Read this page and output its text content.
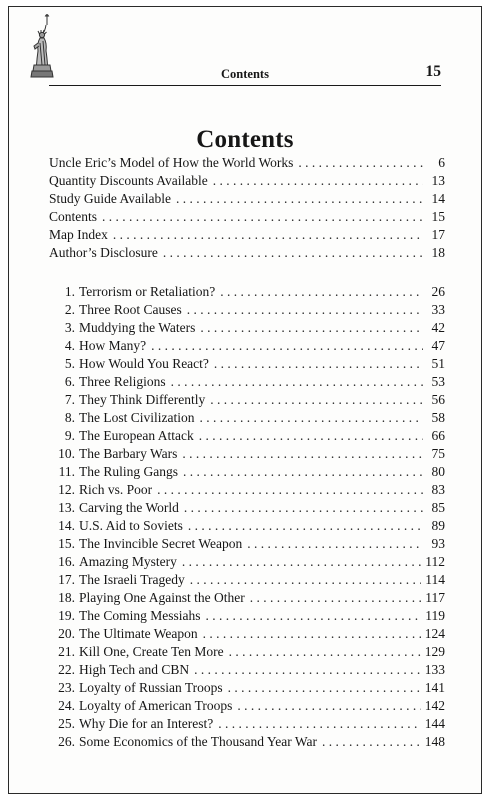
Contents	15
Contents
Uncle Eric’s Model of How the World Works . . .	6
Quantity Discounts Available . . .	13
Study Guide Available . . .	14
Contents . . .	15
Map Index . . .	17
Author’s Disclosure . . .	18
1. Terrorism or Retaliation? . . .	26
2. Three Root Causes . . .	33
3. Muddying the Waters . . .	42
4. How Many? . . .	47
5. How Would You React? . . .	51
6. Three Religions . . .	53
7. They Think Differently . . .	56
8. The Lost Civilization . . .	58
9. The European Attack . . .	66
10. The Barbary Wars . . .	75
11. The Ruling Gangs . . .	80
12. Rich vs. Poor . . .	83
13. Carving the World . . .	85
14. U.S. Aid to Soviets . . .	89
15. The Invincible Secret Weapon . . .	93
16. Amazing Mystery . . .	112
17. The Israeli Tragedy . . .	114
18. Playing One Against the Other . . .	117
19. The Coming Messiahs . . .	119
20. The Ultimate Weapon . . .	124
21. Kill One, Create Ten More . . .	129
22. High Tech and CBN . . .	133
23. Loyalty of Russian Troops . . .	141
24. Loyalty of American Troops . . .	142
25. Why Die for an Interest? . . .	144
26. Some Economics of the Thousand Year War . . .	148
